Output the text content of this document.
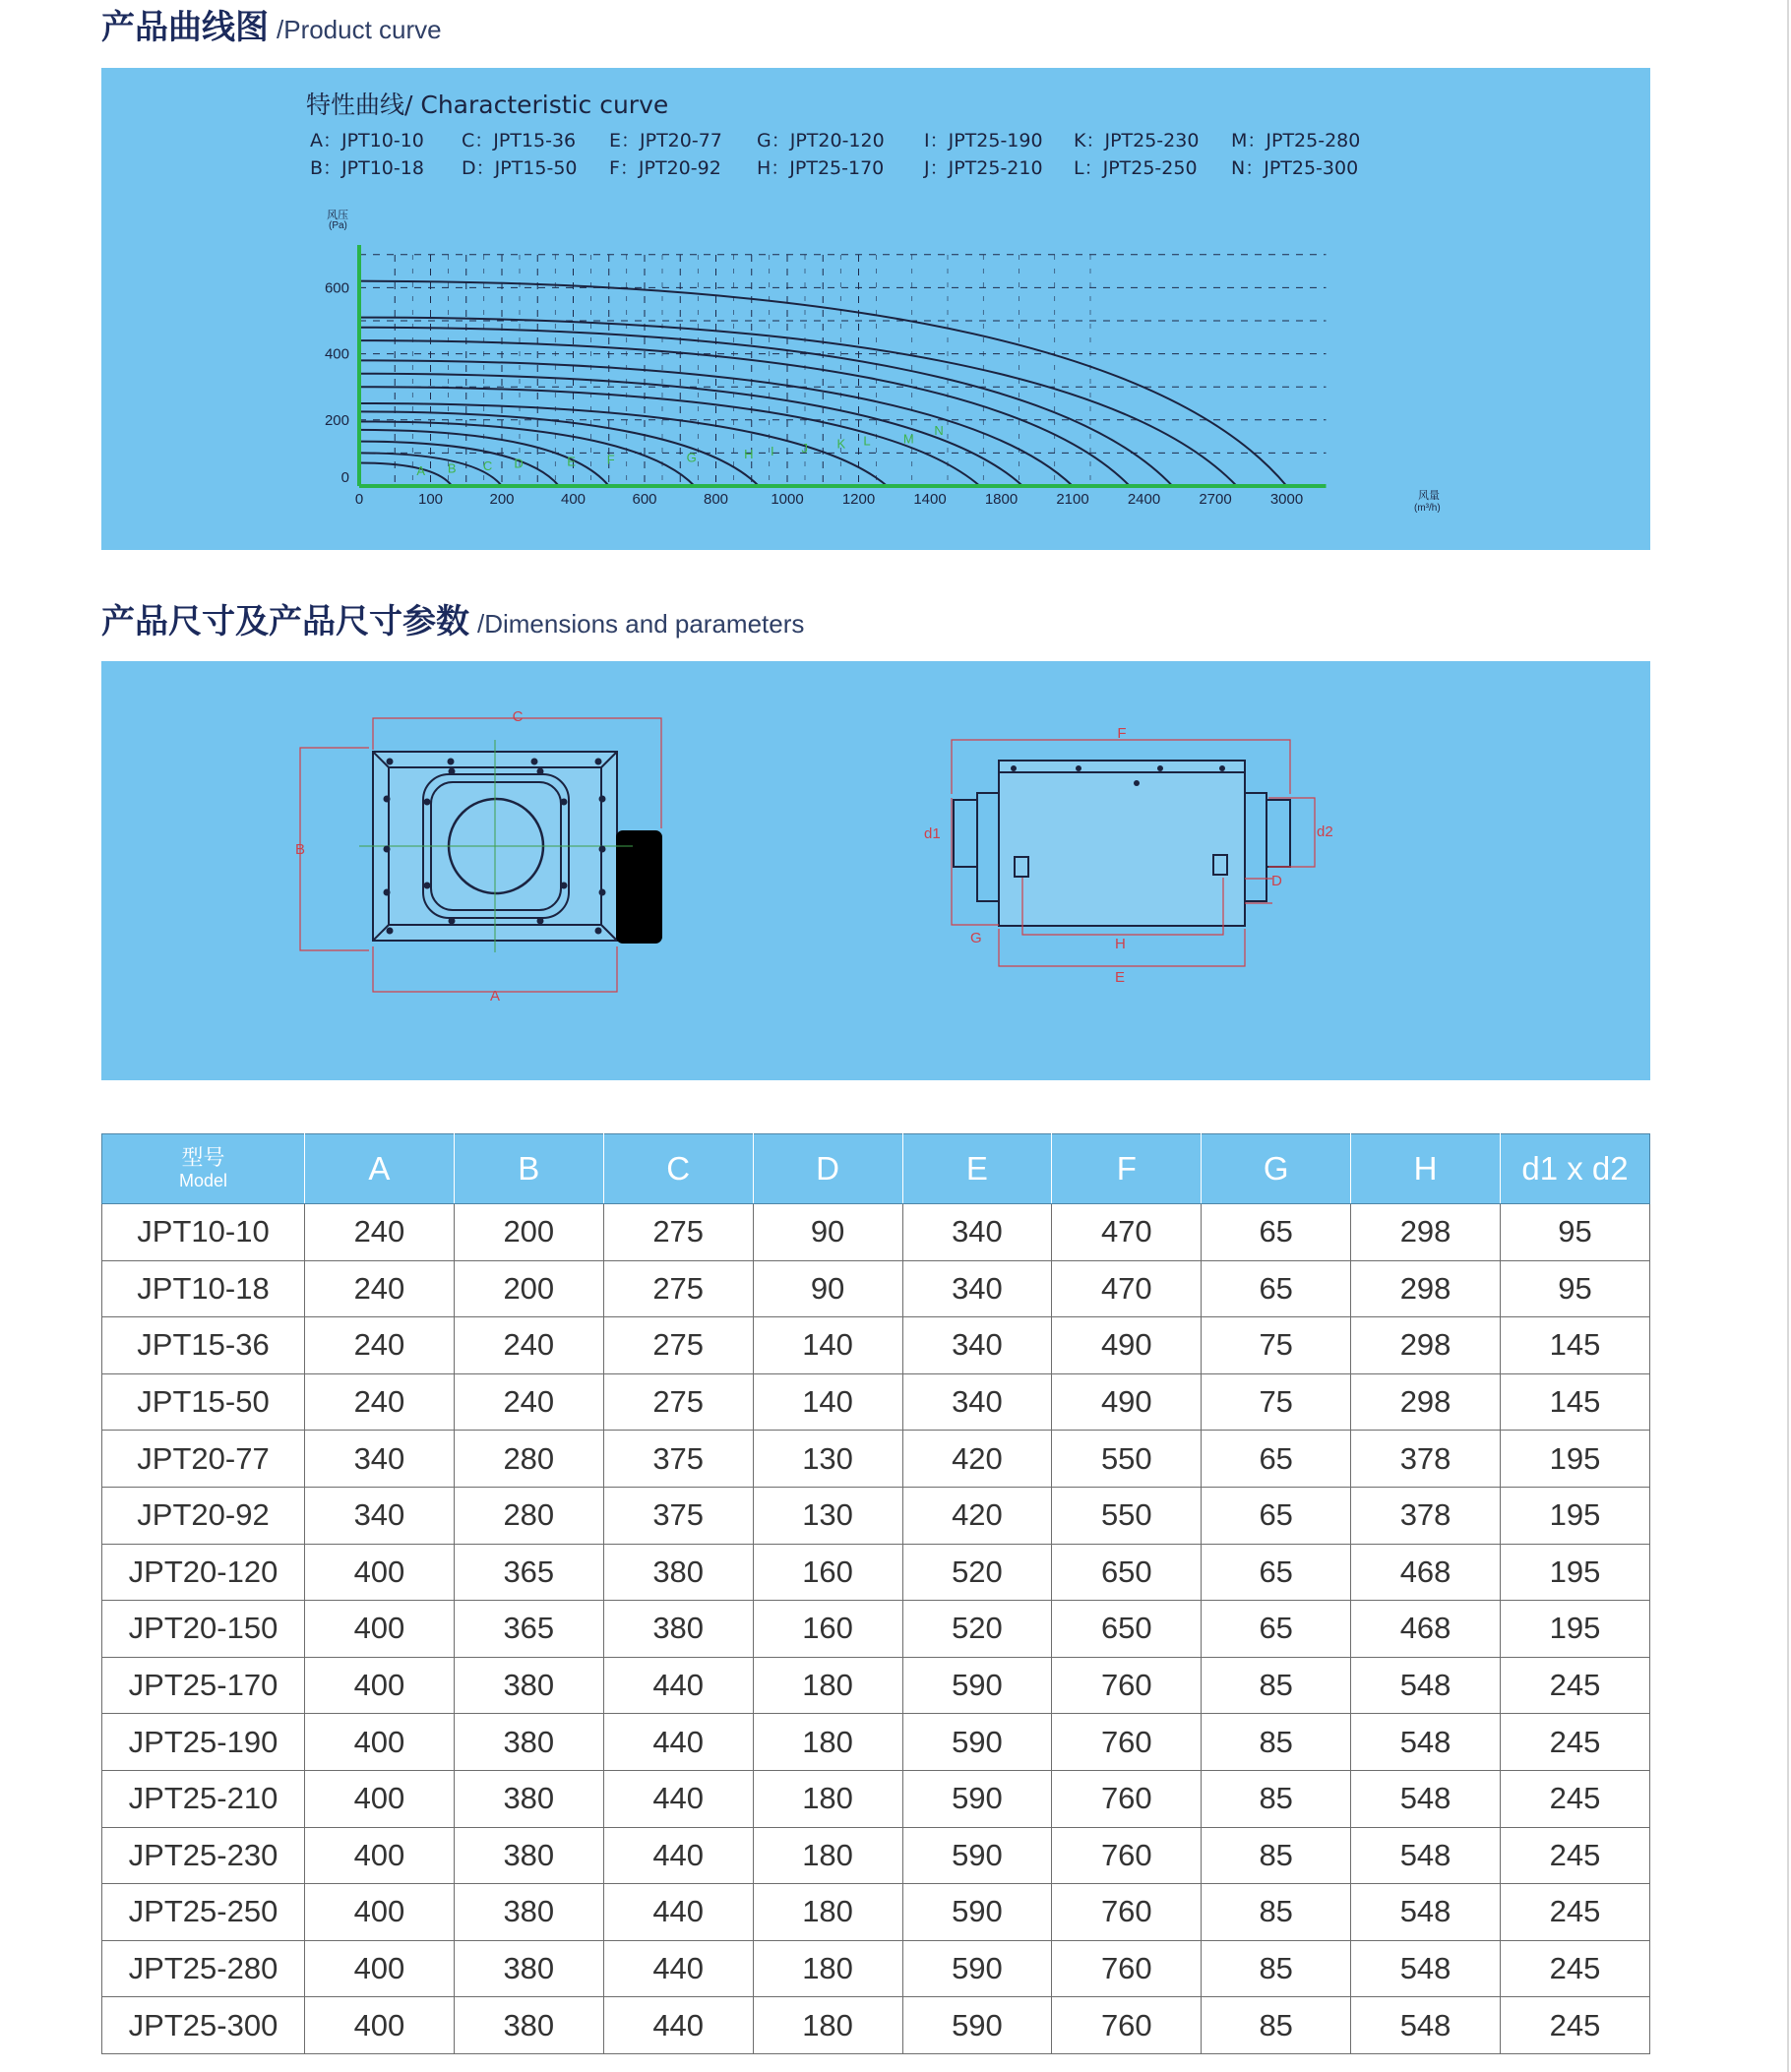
产品曲线图 /Product curve
A B C D	E F	G	H I J K L	M
N
特性曲线/ Characteristic curve
A：JPT10-10
B：JPT10-18
C：JPT15-36
D：JPT15-50
E：JPT20-77
F：JPT20-92
G：JPT20-120
H：JPT25-170
I：JPT25-190
J：JPT25-210
K：JPT25-230
L：JPT25-250
M：JPT25-280
N：JPT25-300
风压
(Pa)
0
200
400
600
0	100	200	400	600	800	1000	1200	1400	1800	2100	2400	2700	3000	风量
(m³/h)
产品尺寸及产品尺寸参数 /Dimensions and parameters
C
B
A
F
d1	d2
D
G	H
E
型号
Model	A	B	C	D	E	F	G	H	d1 x d2
JPT10-10	240	200	275	90	340	470	65	298	95
JPT10-18	240	200	275	90	340	470	65	298	95
JPT15-36	240	240	275	140	340	490	75	298	145
JPT15-50	240	240	275	140	340	490	75	298	145
JPT20-77	340	280	375	130	420	550	65	378	195
JPT20-92	340	280	375	130	420	550	65	378	195
JPT20-120	400	365	380	160	520	650	65	468	195
JPT20-150	400	365	380	160	520	650	65	468	195
JPT25-170	400	380	440	180	590	760	85	548	245
JPT25-190	400	380	440	180	590	760	85	548	245
JPT25-210	400	380	440	180	590	760	85	548	245
JPT25-230	400	380	440	180	590	760	85	548	245
JPT25-250	400	380	440	180	590	760	85	548	245
JPT25-280	400	380	440	180	590	760	85	548	245
JPT25-300	400	380	440	180	590	760	85	548	245
